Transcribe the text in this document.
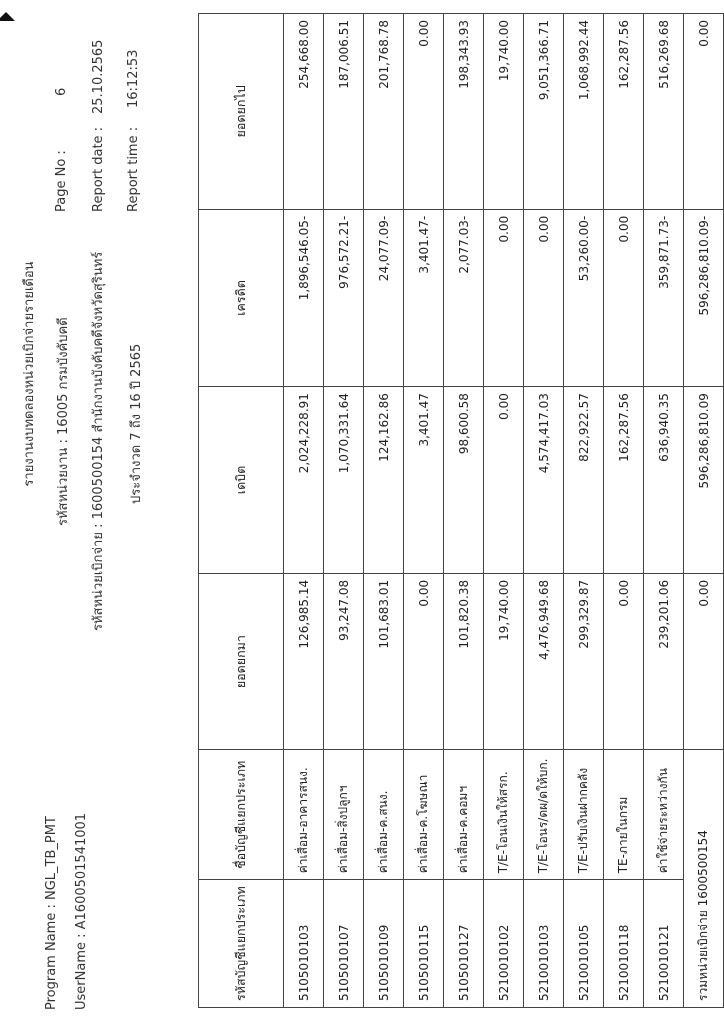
Program Name : NGL_TB_PMT UserName : A1600501541001
รายงานงบทดลองหน่วยเบิกจ่ายรายเดือน	รหัสหน่วยงาน : 16005 กรมบังคับคดี	รหัสหน่วยเบิกจ่าย : 1600500154 สำนักงานบังคับคดีจังหวัดสุรินทร์	ประจำงวด 7 ถึง 16 ปี 2565
Page No :
6
Report date :
25.10.2565
Report time :
16:12:53
รหัสบัญชีแยกประเภท	ชื่อบัญชีแยกประเภท	ยอดยกมา	เดบิต	เครดิต	ยอดยกไป
5105010103	ค่าเสื่อม-อาคารสนง.	126,985.14	2,024,228.91	1,896,546.05-	254,668.00
5105010107	ค่าเสื่อม-สิ่งปลูกฯ	93,247.08	1,070,331.64	976,572.21-	187,006.51
5105010109	ค่าเสื่อม-ค.สนง.	101,683.01	124,162.86	24,077.09-	201,768.78
5105010115	ค่าเสื่อม-ค.โฆษณา	0.00	3,401.47	3,401.47-	0.00
5105010127	ค่าเสื่อม-ค.คอมฯ	101,820.38	98,600.58	2,077.03-	198,343.93
5210010102	T/E-โอนเงินให้สรก.	19,740.00	0.00	0.00	19,740.00
5210010103	T/E-โอนร/ดผ/ดให้บก.	4,476,949.68	4,574,417.03	0.00	9,051,366.71
5210010105	T/E-ปรับเงินฝากคลัง	299,329.87	822,922.57	53,260.00-	1,068,992.44
5210010118	TE-ภายในกรม	0.00	162,287.56	0.00	162,287.56
5210010121	ค่าใช้จ่ายระหว่างกัน	239,201.06	636,940.35	359,871.73-	516,269.68
รวมหน่วยเบิกจ่าย 1600500154		0.00	596,286,810.09	596,286,810.09-	0.00
